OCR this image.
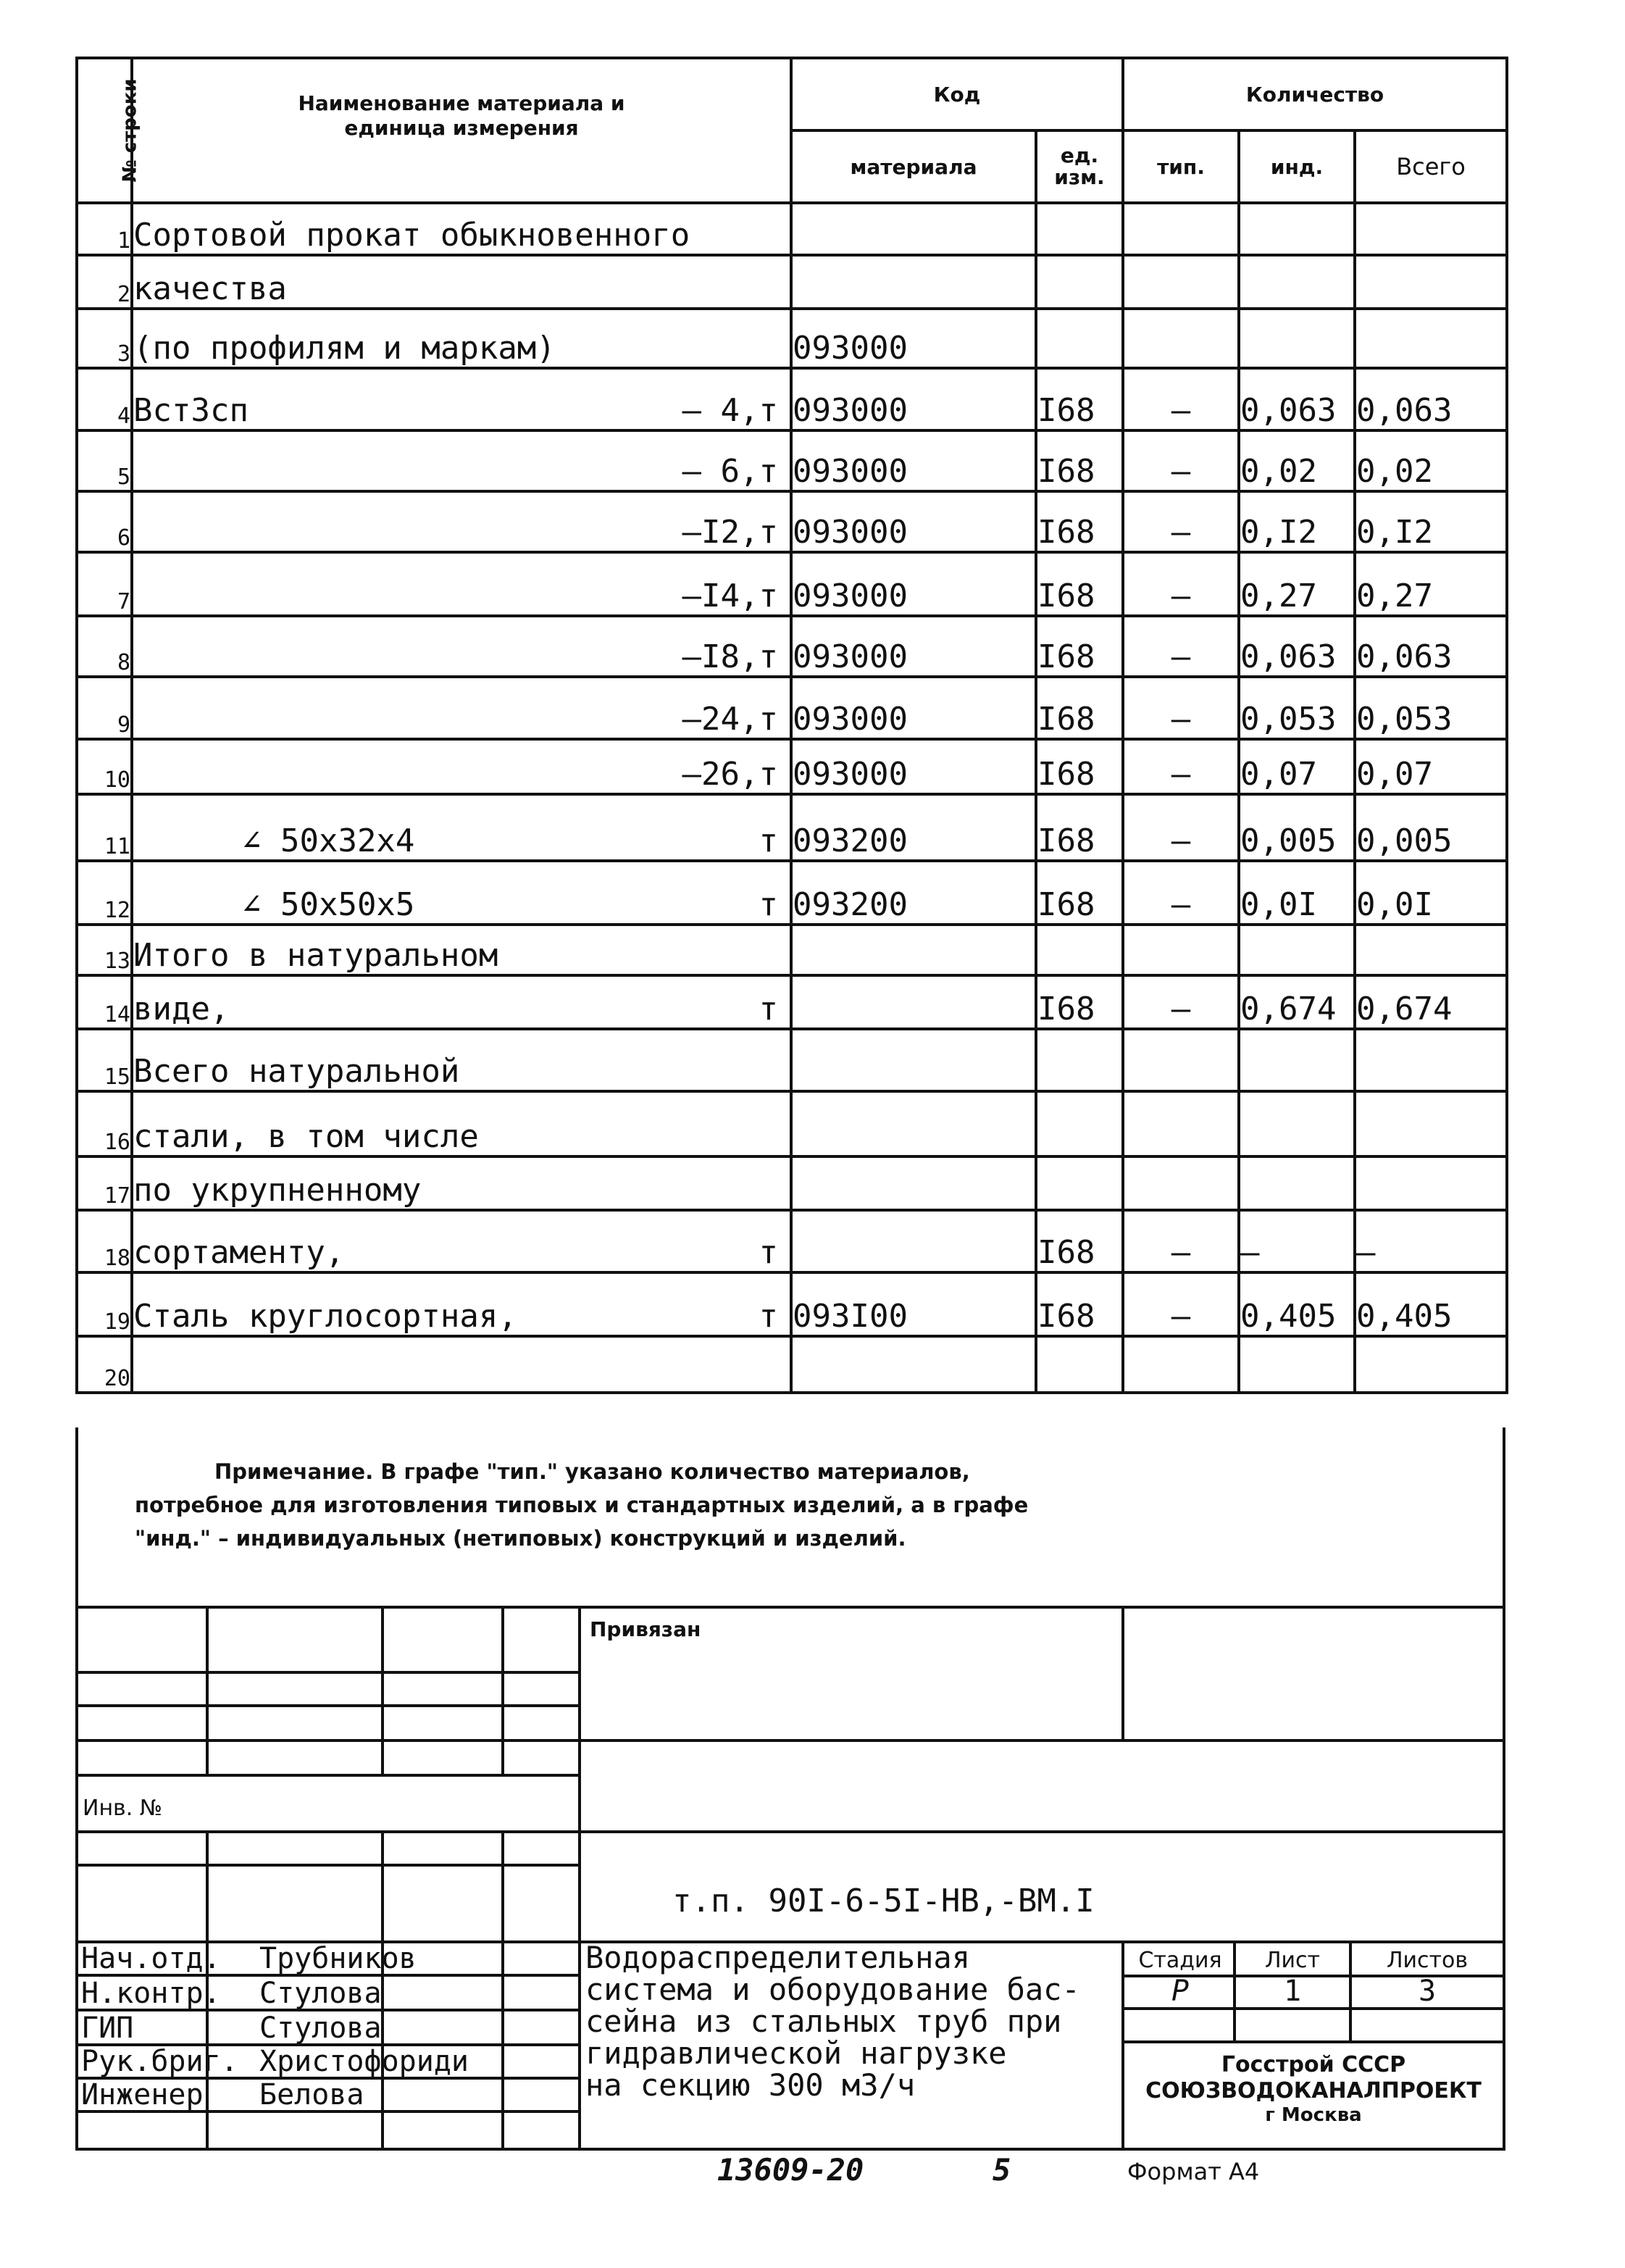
№ строки	Наименование материала и единица измерения	Код		Количество		
		материала	ед. изм.	тип.	инд.	Всего
1	Сортовой прокат обыкновенного					

2	качества					

3	(по профилям и маркам)	093000				
4	ВстЗсп – 4,т	093000	I68	–	0,063	0,063
5	– 6,т	093000	I68	–	0,02	0,02
6	–I2,т	093000	I68	–	0,I2	0,I2
7	–I4,т	093000	I68	–	0,27	0,27
8	–I8,т	093000	I68	–	0,063	0,063
9	–24,т	093000	I68	–	0,053	0,053
10	–26,т	093000	I68	–	0,07	0,07
11	∠ 50х32х4 т	093200	I68	–	0,005	0,005
12	∠ 50х50х5 т	093200	I68	–	0,0I	0,0I
13	Итого в натуральном					

14	виде, т		I68	–	0,674	0,674
15	Всего натуральной					

16	стали, в том числе					

17	по укрупненному					

18	сортаменту, т		I68	–	–	–
19	Сталь круглосортная, т	093I00	I68	–	0,405	0,405
20	

Примечание. В графе "тип." указано количество материалов, потребное для изготовления типовых и стандартных изделий, а в графе "инд." – индивидуальных (нетиповых) конструкций и изделий.

Привязан
Инв. №
т.п. 90I-6-5I-НВ,-ВМ.I
Нач.отд. Трубников
Н.контр. Стулова
ГИП	Стулова
Рук.бриг. Христофориди
Инженер Белова
Водораспределительная
система и оборудование бас-
сейна из стальных труб при
гидравлической нагрузке
на секцию 300 м3/ч
Стадия	Лист	Листов
Р	1	3
Госстрой СССР
СОЮЗВОДОКАНАЛПРОЕКТ
г Москва
13609-20	5	Формат А4
